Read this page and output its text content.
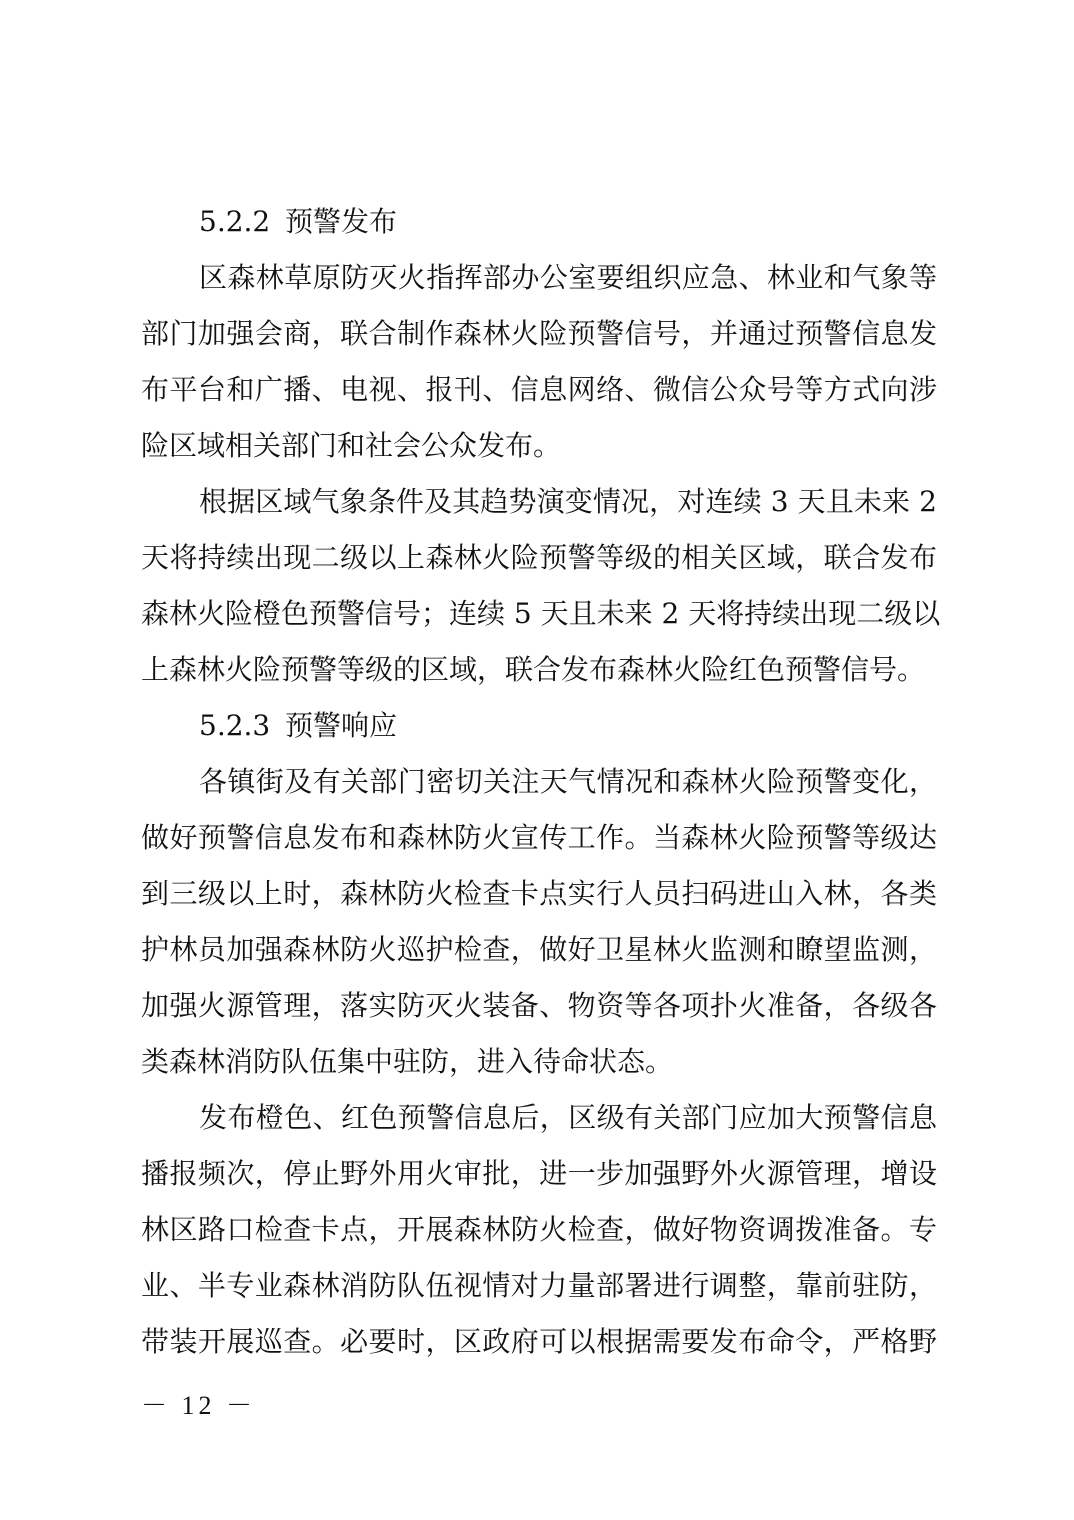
5.2.2 预警发布
区森林草原防灭火指挥部办公室要组织应急、林业和气象等
部门加强会商，联合制作森林火险预警信号，并通过预警信息发
布平台和广播、电视、报刊、信息网络、微信公众号等方式向涉
险区域相关部门和社会公众发布。
根据区域气象条件及其趋势演变情况，对连续 3 天且未来 2
天将持续出现二级以上森林火险预警等级的相关区域，联合发布
森林火险橙色预警信号；连续 5 天且未来 2 天将持续出现二级以
上森林火险预警等级的区域，联合发布森林火险红色预警信号。
5.2.3 预警响应
各镇街及有关部门密切关注天气情况和森林火险预警变化，
做好预警信息发布和森林防火宣传工作。当森林火险预警等级达
到三级以上时，森林防火检查卡点实行人员扫码进山入林，各类
护林员加强森林防火巡护检查，做好卫星林火监测和瞭望监测，
加强火源管理，落实防灭火装备、物资等各项扑火准备，各级各
类森林消防队伍集中驻防，进入待命状态。
发布橙色、红色预警信息后，区级有关部门应加大预警信息
播报频次，停止野外用火审批，进一步加强野外火源管理，增设
林区路口检查卡点，开展森林防火检查，做好物资调拨准备。专
业、半专业森林消防队伍视情对力量部署进行调整，靠前驻防，
带装开展巡查。必要时，区政府可以根据需要发布命令，严格野
－ 12 －
